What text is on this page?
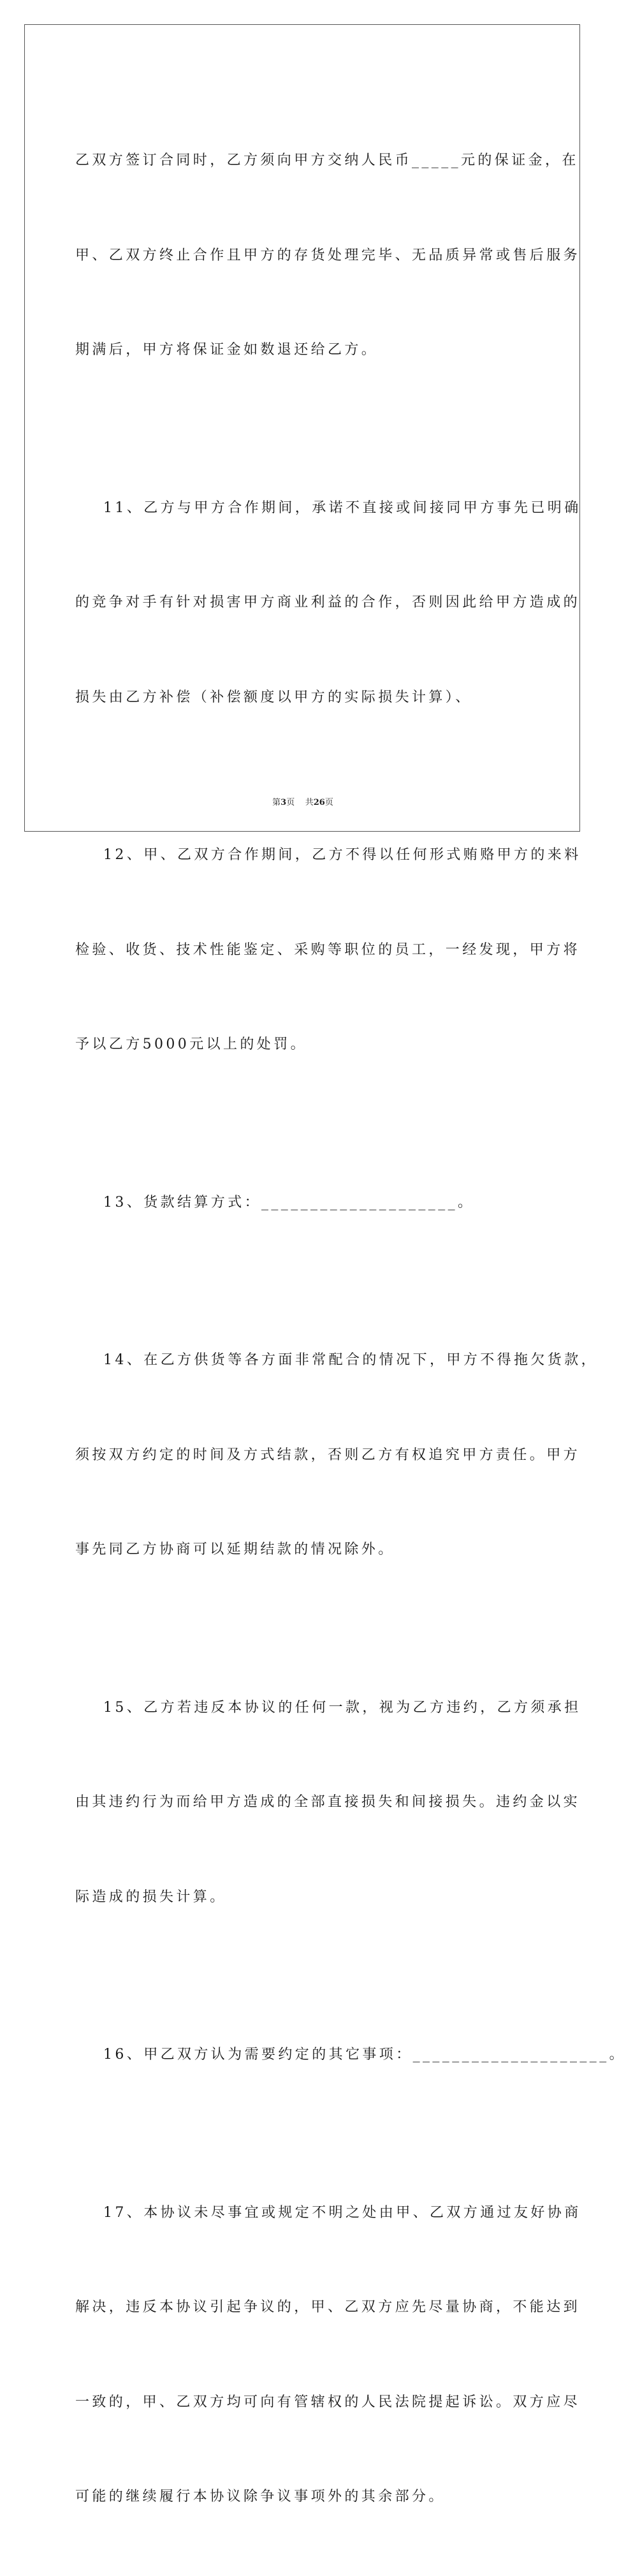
乙双方签订合同时，乙方须向甲方交纳人民币_____元的保证金，在

甲、乙双方终止合作且甲方的存货处理完毕、无品质异常或售后服务

期满后，甲方将保证金如数退还给乙方。

11、乙方与甲方合作期间，承诺不直接或间接同甲方事先已明确

的竞争对手有针对损害甲方商业利益的合作，否则因此给甲方造成的

损失由乙方补偿（补偿额度以甲方的实际损失计算）、

12、甲、乙双方合作期间，乙方不得以任何形式贿赂甲方的来料

检验、收货、技术性能鉴定、采购等职位的员工，一经发现，甲方将

予以乙方5000元以上的处罚。

13、货款结算方式：____________________。

14、在乙方供货等各方面非常配合的情况下，甲方不得拖欠货款，

须按双方约定的时间及方式结款，否则乙方有权追究甲方责任。甲方

事先同乙方协商可以延期结款的情况除外。

15、乙方若违反本协议的任何一款，视为乙方违约，乙方须承担

由其违约行为而给甲方造成的全部直接损失和间接损失。违约金以实

际造成的损失计算。

16、甲乙双方认为需要约定的其它事项：____________________。

17、本协议未尽事宜或规定不明之处由甲、乙双方通过友好协商

解决，违反本协议引起争议的，甲、乙双方应先尽量协商，不能达到

一致的，甲、乙双方均可向有管辖权的人民法院提起诉讼。双方应尽

可能的继续履行本协议除争议事项外的其余部分。

第3页 共26页
